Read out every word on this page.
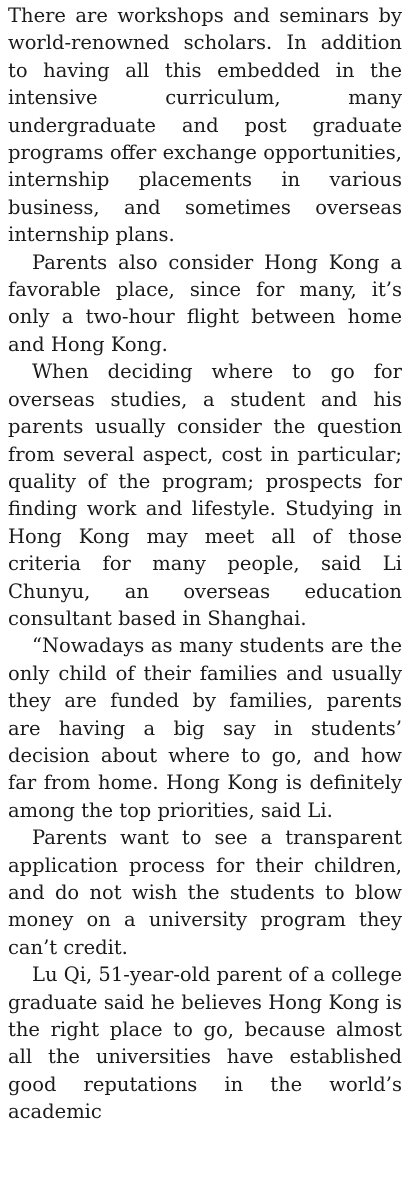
There are workshops and seminars by world-renowned scholars. In addition to having all this embedded in the intensive curriculum, many undergraduate and post graduate programs offer exchange opportunities, internship placements in various business, and sometimes overseas internship plans.

Parents also consider Hong Kong a favorable place, since for many, it’s only a two-hour flight between home and Hong Kong.

When deciding where to go for overseas studies, a student and his parents usually consider the question from several aspect, cost in particular; quality of the program; prospects for finding work and lifestyle. Studying in Hong Kong may meet all of those criteria for many people, said Li Chunyu, an overseas education consultant based in Shanghai.

“Nowadays as many students are the only child of their families and usually they are funded by families, parents are having a big say in students’ decision about where to go, and how far from home. Hong Kong is definitely among the top priorities, said Li.

Parents want to see a transparent application process for their children, and do not wish the students to blow money on a university program they can’t credit.

Lu Qi, 51-year-old parent of a college graduate said he believes Hong Kong is the right place to go, because almost all the universities have established good reputations in the world’s academic
